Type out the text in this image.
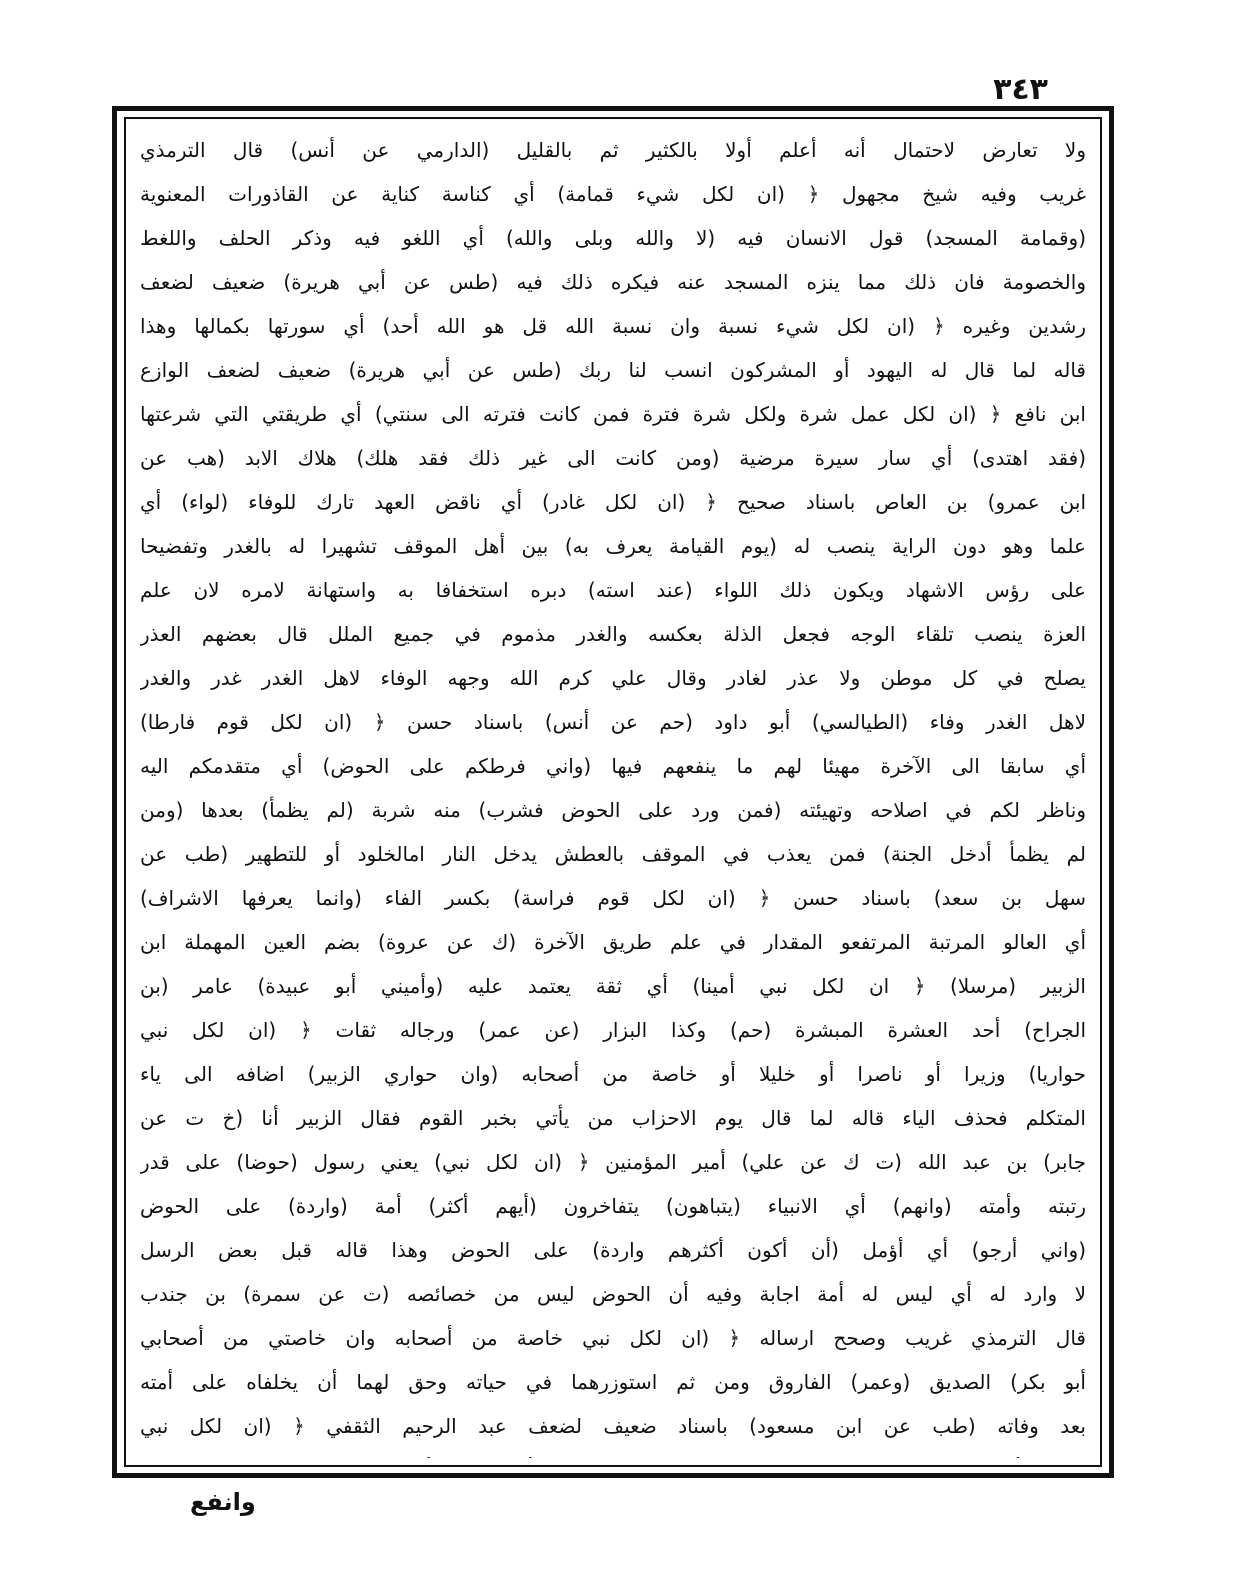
٣٤٣
ولا تعارض لاحتمال أنه أعلم أولا بالكثير ثم بالقليل (الدارمي عن أنس) قال الترمذي
غريب وفيه شيخ مجهول ﴿ (ان لكل شيء قمامة) أي كناسة كناية عن القاذورات المعنوية
(وقمامة المسجد) قول الانسان فيه (لا والله وبلى والله) أي اللغو فيه وذكر الحلف واللغط
والخصومة فان ذلك مما ينزه المسجد عنه فيكره ذلك فيه (طس عن أبي هريرة) ضعيف لضعف
رشدين وغيره ﴿ (ان لكل شيء نسبة وان نسبة الله قل هو الله أحد) أي سورتها بكمالها وهذا
قاله لما قال له اليهود أو المشركون انسب لنا ربك (طس عن أبي هريرة) ضعيف لضعف الوازع
ابن نافع ﴿ (ان لكل عمل شرة ولكل شرة فترة فمن كانت فترته الى سنتي) أي طريقتي التي شرعتها
(فقد اهتدى) أي سار سيرة مرضية (ومن كانت الى غير ذلك فقد هلك) هلاك الابد (هب عن
ابن عمرو) بن العاص باسناد صحيح ﴿ (ان لكل غادر) أي ناقض العهد تارك للوفاء (لواء) أي
علما وهو دون الراية ينصب له (يوم القيامة يعرف به) بين أهل الموقف تشهيرا له بالغدر وتفضيحا
على رؤس الاشهاد ويكون ذلك اللواء (عند استه) دبره استخفافا به واستهانة لامره لان علم
العزة ينصب تلقاء الوجه فجعل الذلة بعكسه والغدر مذموم في جميع الملل قال بعضهم العذر
يصلح في كل موطن ولا عذر لغادر وقال علي كرم الله وجهه الوفاء لاهل الغدر غدر والغدر
لاهل الغدر وفاء (الطيالسي) أبو داود (حم عن أنس) باسناد حسن ﴿ (ان لكل قوم فارطا)
أي سابقا الى الآخرة مهيئا لهم ما ينفعهم فيها (واني فرطكم على الحوض) أي متقدمكم اليه
وناظر لكم في اصلاحه وتهيئته (فمن ورد على الحوض فشرب) منه شربة (لم يظمأ) بعدها (ومن
لم يظمأ أدخل الجنة) فمن يعذب في الموقف بالعطش يدخل النار امالخلود أو للتطهير (طب عن
سهل بن سعد) باسناد حسن ﴿ (ان لكل قوم فراسة) بكسر الفاء (وانما يعرفها الاشراف)
أي العالو المرتبة المرتفعو المقدار في علم طريق الآخرة (ك عن عروة) بضم العين المهملة ابن
الزبير (مرسلا) ﴿ ان لكل نبي أمينا) أي ثقة يعتمد عليه (وأميني أبو عبيدة) عامر (بن
الجراح) أحد العشرة المبشرة (حم) وكذا البزار (عن عمر) ورجاله ثقات ﴿ (ان لكل نبي
حواريا) وزيرا أو ناصرا أو خليلا أو خاصة من أصحابه (وان حواري الزبير) اضافه الى ياء
المتكلم فحذف الياء قاله لما قال يوم الاحزاب من يأتي بخبر القوم فقال الزبير أنا (خ ت عن
جابر) بن عبد الله (ت ك عن علي) أمير المؤمنين ﴿ (ان لكل نبي) يعني رسول (حوضا) على قدر
رتبته وأمته (وانهم) أي الانبياء (يتباهون) يتفاخرون (أيهم أكثر) أمة (واردة) على الحوض
(واني أرجو) أي أؤمل (أن أكون أكثرهم واردة) على الحوض وهذا قاله قبل بعض الرسل
لا وارد له أي ليس له أمة اجابة وفيه أن الحوض ليس من خصائصه (ت عن سمرة) بن جندب
قال الترمذي غريب وصحح ارساله ﴿ (ان لكل نبي خاصة من أصحابه وان خاصتي من أصحابي
أبو بكر) الصديق (وعمر) الفاروق ومن ثم استوزرهما في حياته وحق لهما أن يخلفاه على أمته
بعد وفاته (طب عن ابن مسعود) باسناد ضعيف لضعف عبد الرحيم الثقفي ﴿ (ان لكل نبي
وانفع
